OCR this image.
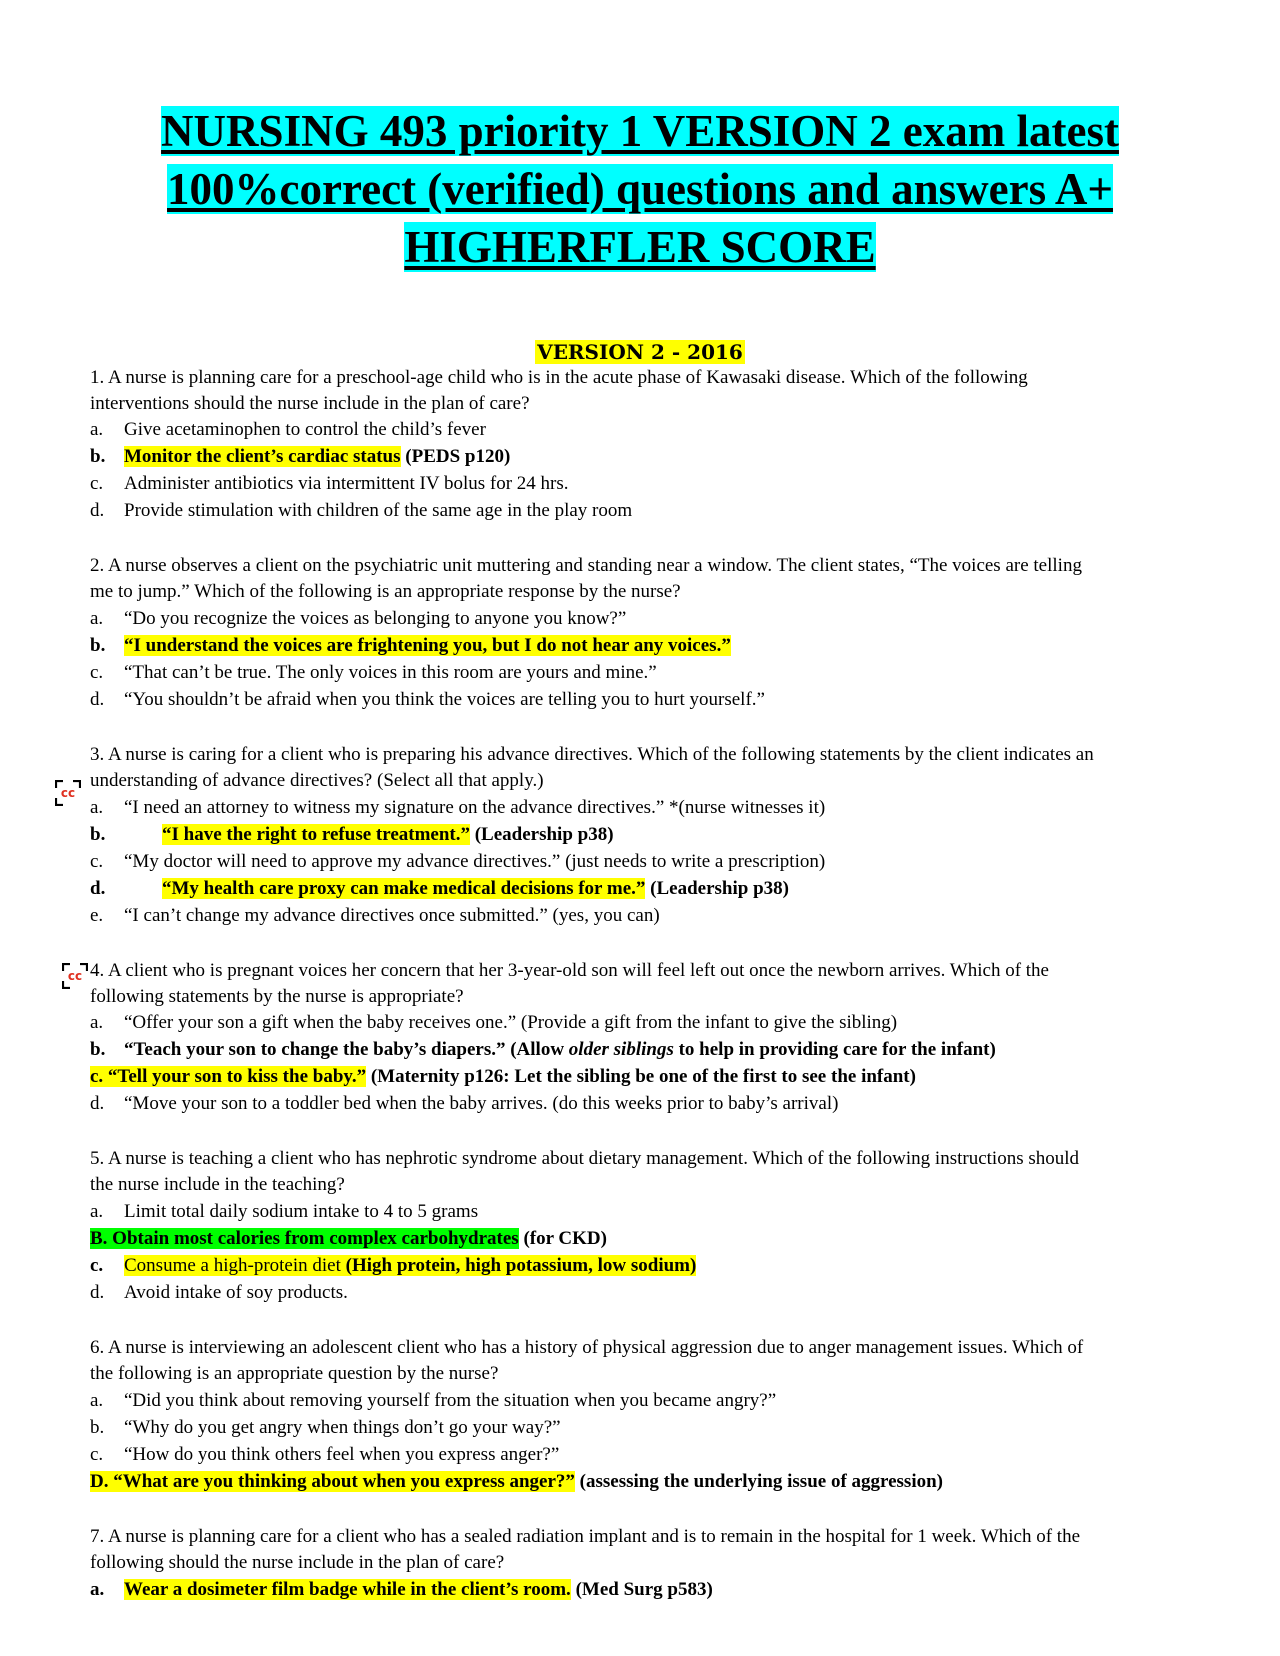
NURSING 493 priority 1 VERSION 2 exam latest
100%correct (verified) questions and answers A+
HIGHERFLER SCORE
VERSION 2 - 2016
1. A nurse is planning care for a preschool-age child who is in the acute phase of Kawasaki disease. Which of the following
interventions should the nurse include in the plan of care?
a. Give acetaminophen to control the child’s fever
b. Monitor the client’s cardiac status (PEDS p120)
c. Administer antibiotics via intermittent IV bolus for 24 hrs.
d. Provide stimulation with children of the same age in the play room
2. A nurse observes a client on the psychiatric unit muttering and standing near a window. The client states, “The voices are telling
me to jump.” Which of the following is an appropriate response by the nurse?
a. “Do you recognize the voices as belonging to anyone you know?”
b. “I understand the voices are frightening you, but I do not hear any voices.”
c. “That can’t be true. The only voices in this room are yours and mine.”
d. “You shouldn’t be afraid when you think the voices are telling you to hurt yourself.”
3. A nurse is caring for a client who is preparing his advance directives. Which of the following statements by the client indicates an
understanding of advance directives? (Select all that apply.)
cc
a. “I need an attorney to witness my signature on the advance directives.” *(nurse witnesses it)
b.	“I have the right to refuse treatment.” (Leadership p38)
c. “My doctor will need to approve my advance directives.” (just needs to write a prescription)
d.	“My health care proxy can make medical decisions for me.” (Leadership p38)
e. “I can’t change my advance directives once submitted.” (yes, you can)
cc 4. A client who is pregnant voices her concern that her 3-year-old son will feel left out once the newborn arrives. Which of the
following statements by the nurse is appropriate?
a. “Offer your son a gift when the baby receives one.” (Provide a gift from the infant to give the sibling)
b. “Teach your son to change the baby’s diapers.” (Allow older siblings to help in providing care for the infant)
c. “Tell your son to kiss the baby.” (Maternity p126: Let the sibling be one of the first to see the infant)
d. “Move your son to a toddler bed when the baby arrives. (do this weeks prior to baby’s arrival)
5. A nurse is teaching a client who has nephrotic syndrome about dietary management. Which of the following instructions should
the nurse include in the teaching?
a. Limit total daily sodium intake to 4 to 5 grams
B. Obtain most calories from complex carbohydrates (for CKD)
c. Consume a high-protein diet (High protein, high potassium, low sodium)
d. Avoid intake of soy products.
6. A nurse is interviewing an adolescent client who has a history of physical aggression due to anger management issues. Which of
the following is an appropriate question by the nurse?
a. “Did you think about removing yourself from the situation when you became angry?”
b. “Why do you get angry when things don’t go your way?”
c. “How do you think others feel when you express anger?”
D. “What are you thinking about when you express anger?” (assessing the underlying issue of aggression)
7. A nurse is planning care for a client who has a sealed radiation implant and is to remain in the hospital for 1 week. Which of the
following should the nurse include in the plan of care?
a. Wear a dosimeter film badge while in the client’s room. (Med Surg p583)
